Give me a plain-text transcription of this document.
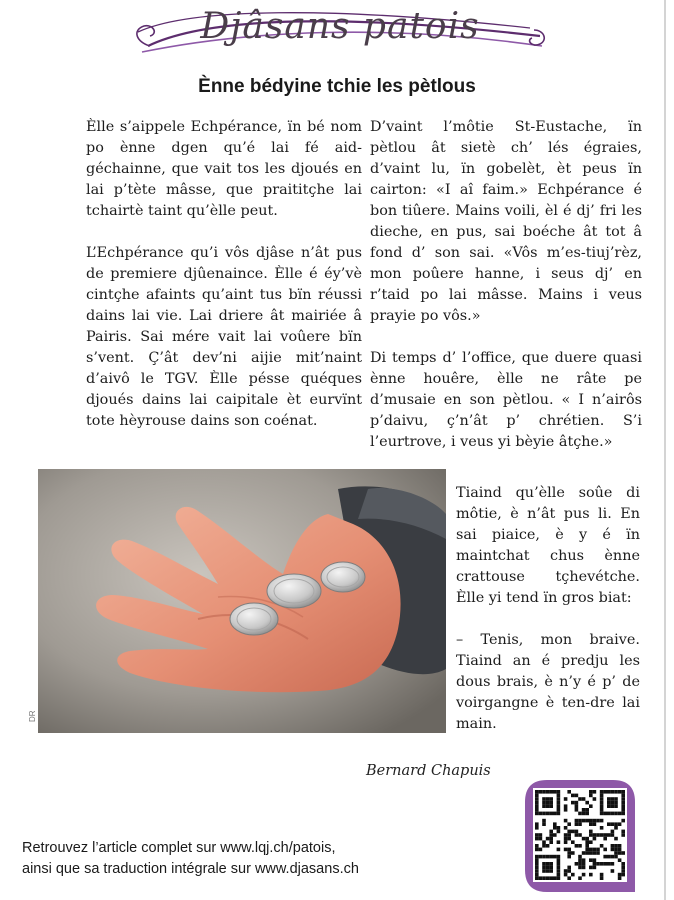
Djâsans patois
Ènne bédyine tchie les pètlous

Èlle s’aippele Echpérance, ïn bé nom po ènne dgen qu’é lai fé aid-géchainne, que vait tos les djoués en lai p’tète mâsse, que praititçhe lai tchairtè taint qu’èlle peut.

L’Echpérance qu’i vôs djâse n’ât pus de premiere djûenaince. Èlle é éy’vè cintçhe afaints qu’aint tus bïn réussi dains lai vie. Lai driere ât mairiée â Pairis. Sai mére vait lai voûere bïn s’vent. Ç’ât dev’ni aijie mit’naint d’aivô le TGV. Èlle pésse quéques djoués dains lai caipitale èt eurvïnt tote hèyrouse dains son coénat.

D’vaint l’môtie St-Eustache, ïn pètlou ât sietè ch’ lés égraies, d’vaint lu, ïn gobelèt, èt peus ïn cairton: «I aî faim.» Echpérance é bon tiûere. Mains voili, èl é dj’ fri les dieche, en pus, sai boéche ât tot â fond d’ son sai. «Vôs m’es-tiuj’rèz, mon poûere hanne, i seus dj’ en r’taid po lai mâsse. Mains i veus prayie po vôs.»

Di temps d’ l’office, que duere quasi ènne houêre, èlle ne râte pe d’musaie en son pètlou. « I n’airôs p’daivu, ç’n’ât p’ chrétien. S’i l’eurtrove, i veus yi bèyie âtçhe.»

DR

Tiaind qu’èlle soûe di môtie, è n’ât pus li. En sai piaice, è y é ïn maintchat chus ènne crattouse tçhevétche. Èlle yi tend ïn gros biat:

– Tenis, mon braive. Tiaind an é predju les dous brais, è n’y é p’ de voirgangne è ten-dre lai main.

Bernard Chapuis
Retrouvez l’article complet sur www.lqj.ch/patois,
ainsi que sa traduction intégrale sur www.djasans.ch
